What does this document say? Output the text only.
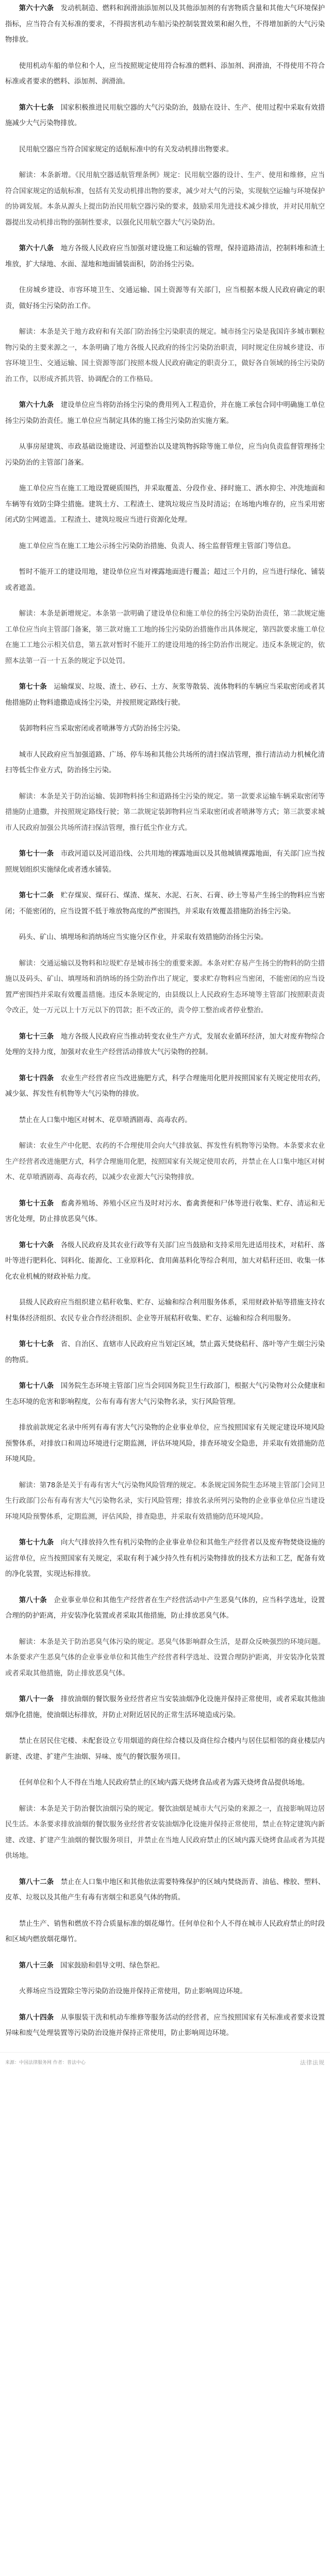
第六十六条　 发动机制造、燃料和润滑油添加剂以及其他添加剂的有害物质含量和其他大气环境保护指标，应当符合有关标准的要求，不得损害机动车船污染控制装置效果和耐久性，不得增加新的大气污染物排放。

使用机动车船的单位和个人，应当按照规定使用符合标准的燃料、添加剂、润滑油，不得使用不符合标准或者要求的燃料、添加剂、润滑油。

第六十七条　 国家积极推进民用航空器的大气污染防治，鼓励在设计、生产、使用过程中采取有效措施减少大气污染物排放。

民用航空器应当符合国家规定的适航标准中的有关发动机排出物要求。

解读：本条新增。《民用航空器适航管理条例》规定：民用航空器的设计、生产、使用和维修，应当符合国家规定的适航标准，包括有关发动机排出物的要求，减少对大气的污染，实现航空运输与环境保护的协调发展。本条从源头上提出防治民用航空器污染的要求，鼓励采用先进技术减少排放，并对民用航空器提出发动机排出物的强制性要求，以强化民用航空器大气污染防治。

第六十八条　 地方各级人民政府应当加强对建设施工和运输的管理，保持道路清洁，控制料堆和渣土堆放，扩大绿地、水面、湿地和地面铺装面积，防治扬尘污染。

住房城乡建设、市容环境卫生、交通运输、国土资源等有关部门，应当根据本级人民政府确定的职责，做好扬尘污染防治工作。

解读：本条是关于地方政府和有关部门防治扬尘污染职责的规定。城市扬尘污染是我国许多城市颗粒物污染的主要来源之一，本条明确了地方各级人民政府的扬尘污染防治职责，同时规定住房城乡建设、市容环境卫生、交通运输、国土资源等部门按照本级人民政府确定的职责分工，做好各自领域的扬尘污染防治工作，以形成齐抓共管、协调配合的工作格局。

第六十九条　 建设单位应当将防治扬尘污染的费用列入工程造价，并在施工承包合同中明确施工单位扬尘污染防治责任。施工单位应当制定具体的施工扬尘污染防治实施方案。

从事房屋建筑、市政基础设施建设、河道整治以及建筑物拆除等施工单位，应当向负责监督管理扬尘污染防治的主管部门备案。

施工单位应当在施工工地设置硬质围挡，并采取覆盖、分段作业、择时施工、洒水抑尘、冲洗地面和车辆等有效防尘降尘措施。建筑土方、工程渣土、建筑垃圾应当及时清运；在场地内堆存的，应当采用密闭式防尘网遮盖。工程渣土、建筑垃圾应当进行资源化处理。

施工单位应当在施工工地公示扬尘污染防治措施、负责人、扬尘监督管理主管部门等信息。

暂时不能开工的建设用地，建设单位应当对裸露地面进行覆盖；超过三个月的，应当进行绿化、铺装或者遮盖。

解读：本条是新增规定。本条第一款明确了建设单位和施工单位的扬尘污染防治责任，第二款规定施工单位应当向主管部门备案，第三款对施工工地的扬尘污染防治措施作出具体规定，第四款要求施工单位在施工工地公示相关信息，第五款对暂时不能开工的建设用地的扬尘防治作出规定。违反本条规定的，依照本法第一百一十五条的规定予以处罚。

第七十条　 运输煤炭、垃圾、渣土、砂石、土方、灰浆等散装、流体物料的车辆应当采取密闭或者其他措施防止物料遗撒造成扬尘污染，并按照规定路线行驶。

装卸物料应当采取密闭或者喷淋等方式防治扬尘污染。

城市人民政府应当加强道路、广场、停车场和其他公共场所的清扫保洁管理，推行清洁动力机械化清扫等低尘作业方式，防治扬尘污染。

解读：本条是关于防治运输、装卸物料扬尘和道路扬尘污染的规定。第一款要求运输车辆采取密闭等措施防止遗撒，并按照规定路线行驶；第二款规定装卸物料应当采取密闭或者喷淋等方式；第三款要求城市人民政府加强公共场所清扫保洁管理，推行低尘作业方式。

第七十一条　 市政河道以及河道沿线、公共用地的裸露地面以及其他城镇裸露地面，有关部门应当按照规划组织实施绿化或者透水铺装。

第七十二条　 贮存煤炭、煤矸石、煤渣、煤灰、水泥、石灰、石膏、砂土等易产生扬尘的物料应当密闭；不能密闭的，应当设置不低于堆放物高度的严密围挡，并采取有效覆盖措施防治扬尘污染。

码头、矿山、填埋场和消纳场应当实施分区作业，并采取有效措施防治扬尘污染。

解读：交通运输以及物料和垃圾贮存是城市扬尘的重要来源。本条对贮存易产生扬尘的物料的防尘措施以及码头、矿山、填埋场和消纳场的扬尘防治作出了规定，要求贮存物料应当密闭，不能密闭的应当设置严密围挡并采取有效覆盖措施。违反本条规定的，由县级以上人民政府生态环境等主管部门按照职责责令改正，处一万元以上十万元以下的罚款；拒不改正的，责令停工整治或者停业整治。

第七十三条　 地方各级人民政府应当推动转变农业生产方式，发展农业循环经济，加大对废弃物综合处理的支持力度，加强对农业生产经营活动排放大气污染物的控制。

第七十四条　 农业生产经营者应当改进施肥方式，科学合理施用化肥并按照国家有关规定使用农药，减少氨、挥发性有机物等大气污染物的排放。

禁止在人口集中地区对树木、花草喷洒剧毒、高毒农药。

解读：农业生产中化肥、农药的不合理使用会向大气排放氨、挥发性有机物等污染物。本条要求农业生产经营者改进施肥方式，科学合理施用化肥，按照国家有关规定使用农药，并禁止在人口集中地区对树木、花草喷洒剧毒、高毒农药，以减少农业源大气污染物排放。

第七十五条　 畜禽养殖场、养殖小区应当及时对污水、畜禽粪便和尸体等进行收集、贮存、清运和无害化处理，防止排放恶臭气体。

第七十六条　 各级人民政府及其农业行政等有关部门应当鼓励和支持采用先进适用技术，对秸秆、落叶等进行肥料化、饲料化、能源化、工业原料化、食用菌基料化等综合利用，加大对秸秆还田、收集一体化农业机械的财政补贴力度。

县级人民政府应当组织建立秸秆收集、贮存、运输和综合利用服务体系，采用财政补贴等措施支持农村集体经济组织、农民专业合作经济组织、企业等开展秸秆收集、贮存、运输和综合利用服务。

第七十七条　 省、自治区、直辖市人民政府应当划定区域，禁止露天焚烧秸秆、落叶等产生烟尘污染的物质。

第七十八条　 国务院生态环境主管部门应当会同国务院卫生行政部门，根据大气污染物对公众健康和生态环境的危害和影响程度，公布有毒有害大气污染物名录，实行风险管理。

排放前款规定名录中所列有毒有害大气污染物的企业事业单位，应当按照国家有关规定建设环境风险预警体系，对排放口和周边环境进行定期监测，评估环境风险，排查环境安全隐患，并采取有效措施防范环境风险。

解读：第78条是关于有毒有害大气污染物风险管理的规定。本条规定国务院生态环境主管部门会同卫生行政部门公布有毒有害大气污染物名录，实行风险管理；排放名录所列污染物的企业事业单位应当建设环境风险预警体系，定期监测，评估风险，排查隐患，并采取有效措施防范环境风险。

第七十九条　 向大气排放持久性有机污染物的企业事业单位和其他生产经营者以及废弃物焚烧设施的运营单位，应当按照国家有关规定，采取有利于减少持久性有机污染物排放的技术方法和工艺，配备有效的净化装置，实现达标排放。

第八十条　 企业事业单位和其他生产经营者在生产经营活动中产生恶臭气体的，应当科学选址，设置合理的防护距离，并安装净化装置或者采取其他措施，防止排放恶臭气体。

解读：本条是关于防治恶臭气体污染的规定。恶臭气体影响群众生活，是群众反映强烈的环境问题。本条要求产生恶臭气体的企业事业单位和其他生产经营者科学选址、设置合理防护距离，并安装净化装置或者采取其他措施，防止排放恶臭气体。

第八十一条　 排放油烟的餐饮服务业经营者应当安装油烟净化设施并保持正常使用，或者采取其他油烟净化措施，使油烟达标排放，并防止对附近居民的正常生活环境造成污染。

禁止在居民住宅楼、未配套设立专用烟道的商住综合楼以及商住综合楼内与居住层相邻的商业楼层内新建、改建、扩建产生油烟、异味、废气的餐饮服务项目。

任何单位和个人不得在当地人民政府禁止的区域内露天烧烤食品或者为露天烧烤食品提供场地。

解读：本条是关于防治餐饮油烟污染的规定。餐饮油烟是城市大气污染的来源之一，直接影响周边居民生活。本条要求排放油烟的餐饮服务业经营者安装油烟净化设施并保持正常使用，禁止在特定建筑内新建、改建、扩建产生油烟的餐饮服务项目，并禁止在当地人民政府禁止的区域内露天烧烤食品或者为其提供场地。

第八十二条　 禁止在人口集中地区和其他依法需要特殊保护的区域内焚烧沥青、油毡、橡胶、塑料、皮革、垃圾以及其他产生有毒有害烟尘和恶臭气体的物质。

禁止生产、销售和燃放不符合质量标准的烟花爆竹。任何单位和个人不得在城市人民政府禁止的时段和区域内燃放烟花爆竹。

第八十三条　 国家鼓励和倡导文明、绿色祭祀。

火葬场应当设置除尘等污染防治设施并保持正常使用，防止影响周边环境。

第八十四条　 从事服装干洗和机动车维修等服务活动的经营者，应当按照国家有关标准或者要求设置异味和废气处理装置等污染防治设施并保持正常使用，防止影响周边环境。

来源：中国法律服务网 作者：普法中心	法律法规
